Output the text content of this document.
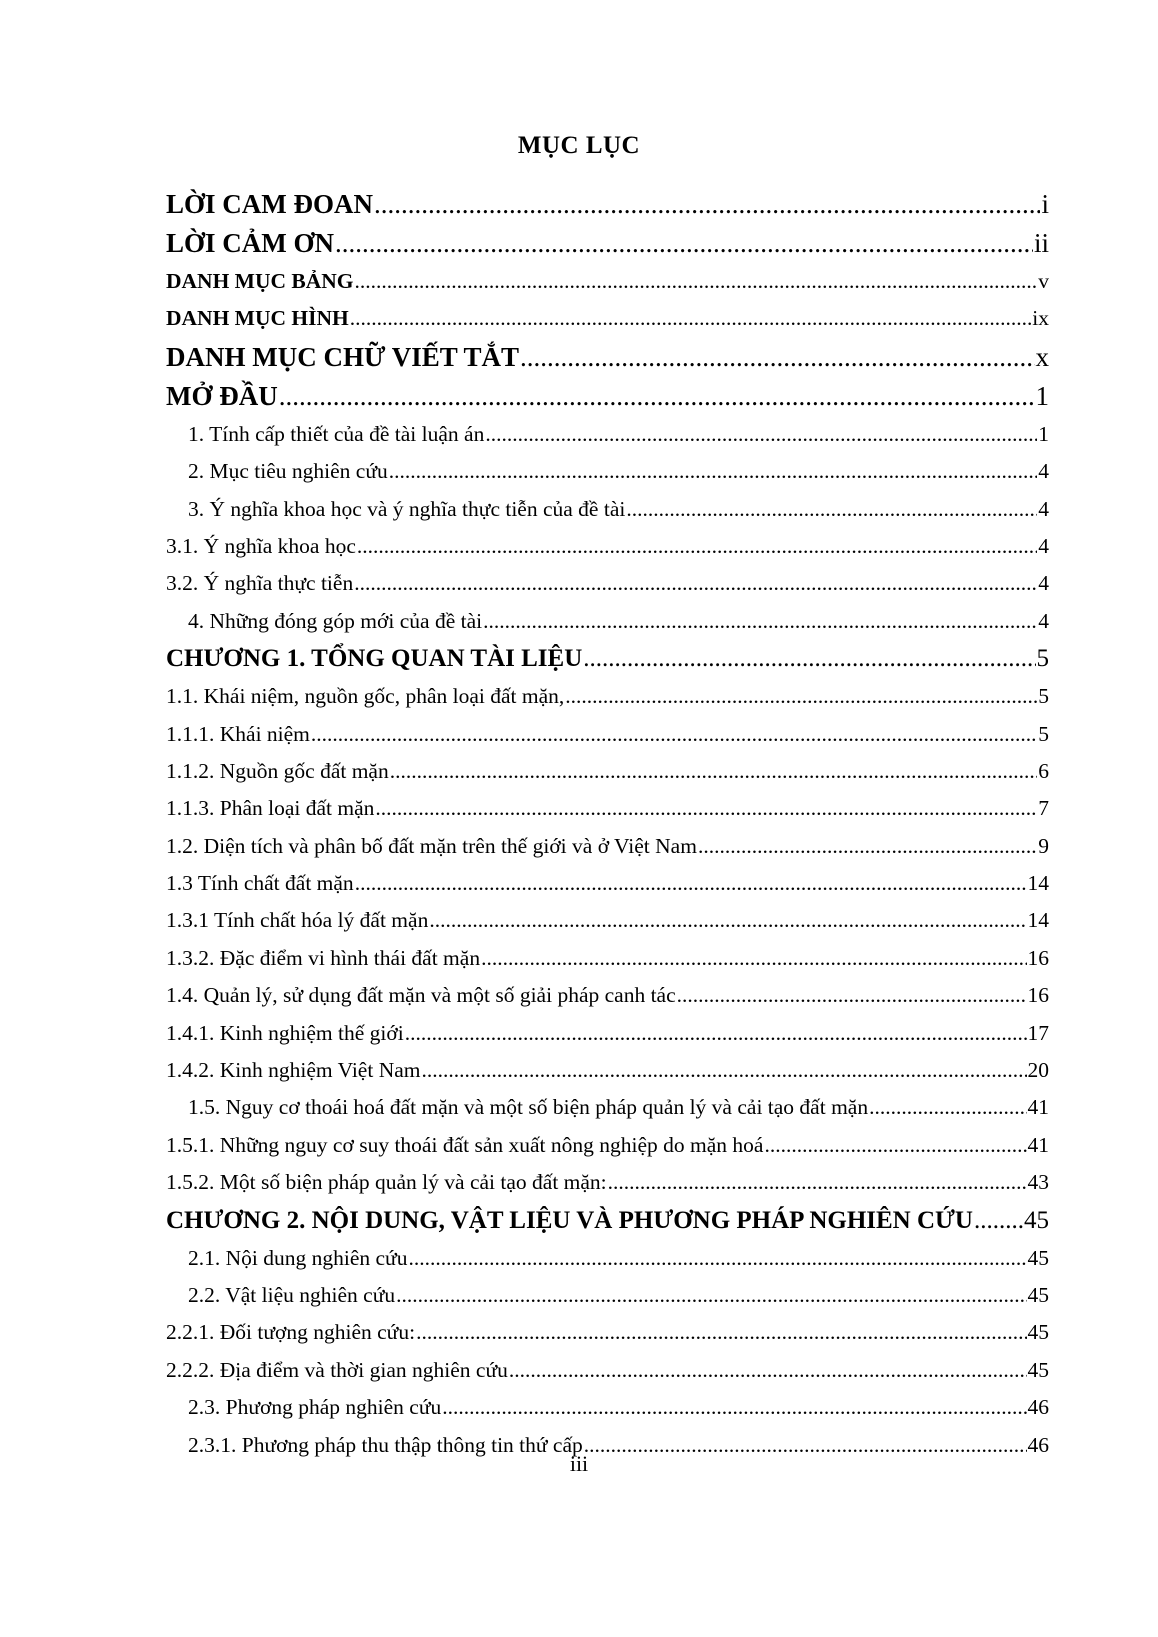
MỤC LỤC
LỜI CAM ĐOAN .....	i
LỜI CẢM ƠN .....	ii
DANH MỤC BẢNG .....	v
DANH MỤC HÌNH .....	ix
DANH MỤC CHỮ VIẾT TẮT .....	x
MỞ ĐẦU .....	1
1. Tính cấp thiết của đề tài luận án .....	1
2. Mục tiêu nghiên cứu .....	4
3. Ý nghĩa khoa học và ý nghĩa thực tiễn của đề tài .....	4
3.1. Ý nghĩa khoa học .....	4
3.2. Ý nghĩa thực tiễn .....	4
4. Những đóng góp mới của đề tài .....	4
CHƯƠNG 1. TỔNG QUAN TÀI LIỆU .....	5
1.1. Khái niệm, nguồn gốc, phân loại đất mặn, .....	5
1.1.1. Khái niệm .....	5
1.1.2. Nguồn gốc đất mặn .....	6
1.1.3. Phân loại đất mặn .....	7
1.2. Diện tích và phân bố đất mặn trên thế giới và ở Việt Nam .....	9
1.3 Tính chất đất mặn .....	14
1.3.1 Tính chất hóa lý đất mặn .....	14
1.3.2. Đặc điểm vi hình thái đất mặn .....	16
1.4. Quản lý, sử dụng đất mặn và một số giải pháp canh tác .....	16
1.4.1. Kinh nghiệm thế giới .....	17
1.4.2. Kinh nghiệm Việt Nam .....	20
1.5. Nguy cơ thoái hoá đất mặn và một số biện pháp quản lý và cải tạo đất mặn .....	41
1.5.1. Những nguy cơ suy thoái đất sản xuất nông nghiệp do mặn hoá .....	41
1.5.2. Một số biện pháp quản lý và cải tạo đất mặn: .....	43
CHƯƠNG 2. NỘI DUNG, VẬT LIỆU VÀ PHƯƠNG PHÁP NGHIÊN CỨU ..... 45
2.1. Nội dung nghiên cứu .....	45
2.2. Vật liệu nghiên cứu .....	45
2.2.1. Đối tượng nghiên cứu: .....	45
2.2.2. Địa điểm và thời gian nghiên cứu .....	45
2.3. Phương pháp nghiên cứu .....	46
2.3.1. Phương pháp thu thập thông tin thứ cấp .....	46
iii
